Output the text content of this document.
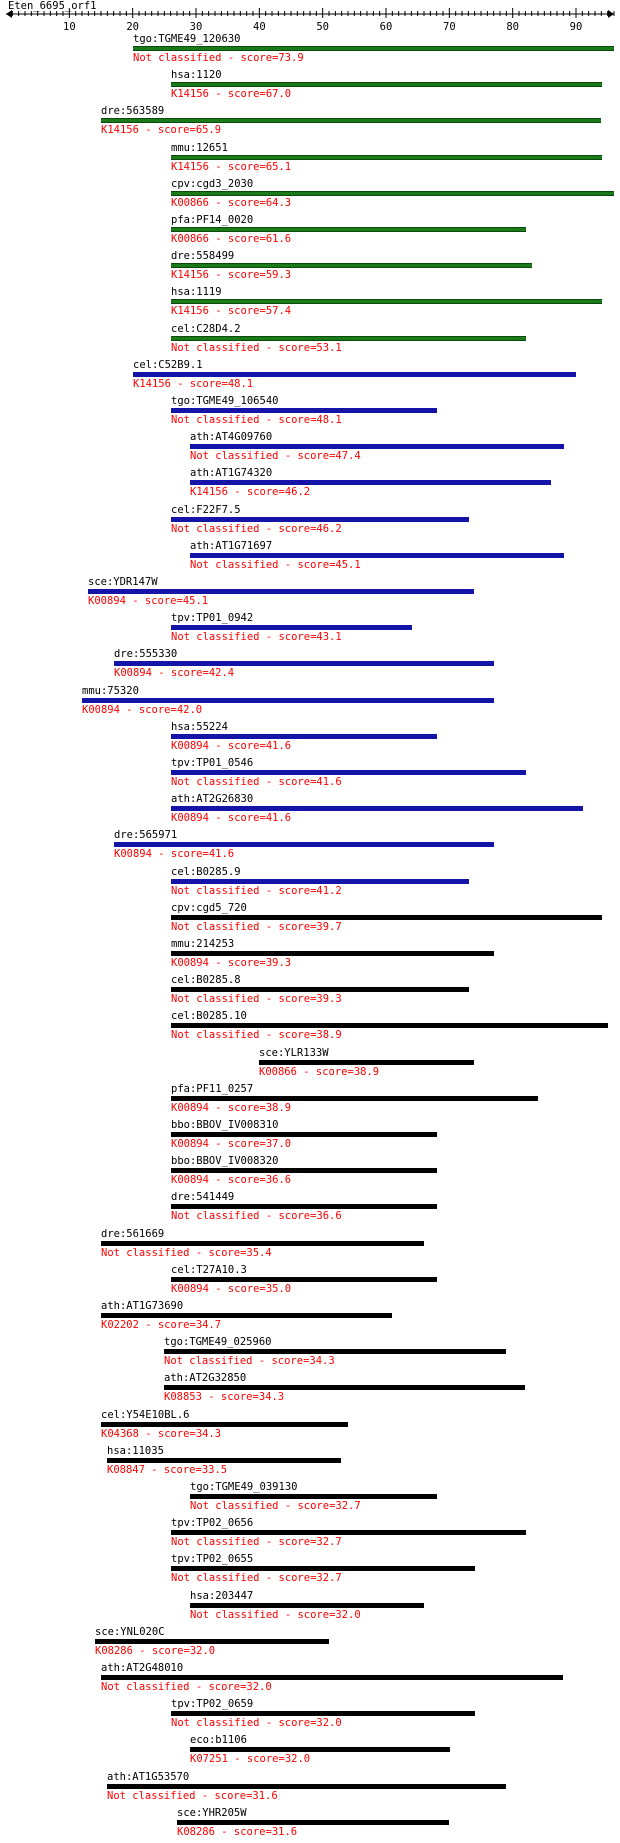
Eten_6695_orf1
10	20	30	40	50	60	70	80	90
tgo:TGME49_120630
Not classified - score=73.9
hsa:1120
K14156 - score=67.0
dre:563589
K14156 - score=65.9
mmu:12651
K14156 - score=65.1
cpv:cgd3_2030
K00866 - score=64.3
pfa:PF14_0020
K00866 - score=61.6
dre:558499
K14156 - score=59.3
hsa:1119
K14156 - score=57.4
cel:C28D4.2
Not classified - score=53.1
cel:C52B9.1
K14156 - score=48.1
tgo:TGME49_106540
Not classified - score=48.1
ath:AT4G09760
Not classified - score=47.4
ath:AT1G74320
K14156 - score=46.2
cel:F22F7.5
Not classified - score=46.2
ath:AT1G71697
Not classified - score=45.1
sce:YDR147W
K00894 - score=45.1
tpv:TP01_0942
Not classified - score=43.1
dre:555330
K00894 - score=42.4
mmu:75320
K00894 - score=42.0
hsa:55224
K00894 - score=41.6
tpv:TP01_0546
Not classified - score=41.6
ath:AT2G26830
K00894 - score=41.6
dre:565971
K00894 - score=41.6
cel:B0285.9
Not classified - score=41.2
cpv:cgd5_720
Not classified - score=39.7
mmu:214253
K00894 - score=39.3
cel:B0285.8
Not classified - score=39.3
cel:B0285.10
Not classified - score=38.9
sce:YLR133W
K00866 - score=38.9
pfa:PF11_0257
K00894 - score=38.9
bbo:BBOV_IV008310
K00894 - score=37.0
bbo:BBOV_IV008320
K00894 - score=36.6
dre:541449
Not classified - score=36.6
dre:561669
Not classified - score=35.4
cel:T27A10.3
K00894 - score=35.0
ath:AT1G73690
K02202 - score=34.7
tgo:TGME49_025960
Not classified - score=34.3
ath:AT2G32850
K08853 - score=34.3
cel:Y54E10BL.6
K04368 - score=34.3
hsa:11035
K08847 - score=33.5
tgo:TGME49_039130
Not classified - score=32.7
tpv:TP02_0656
Not classified - score=32.7
tpv:TP02_0655
Not classified - score=32.7
hsa:203447
Not classified - score=32.0
sce:YNL020C
K08286 - score=32.0
ath:AT2G48010
Not classified - score=32.0
tpv:TP02_0659
Not classified - score=32.0
eco:b1106
K07251 - score=32.0
ath:AT1G53570
Not classified - score=31.6
sce:YHR205W
K08286 - score=31.6
